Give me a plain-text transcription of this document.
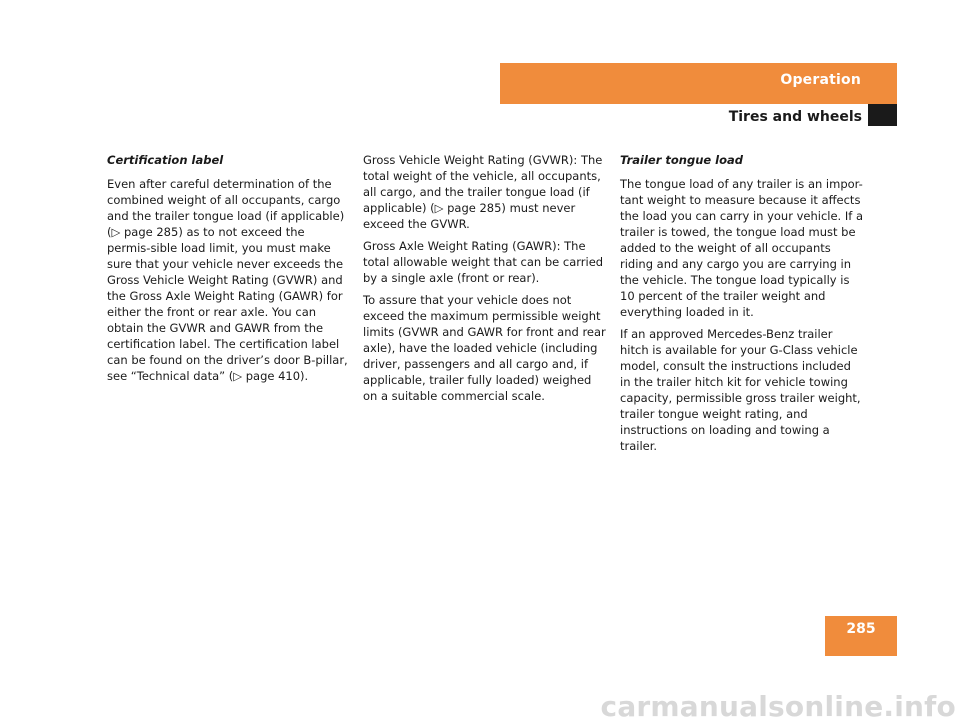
Operation
Tires and wheels
Certification label

Even after careful determination of the combined weight of all occupants, cargo and the trailer tongue load (if applicable) (▷ page 285) as to not exceed the permis-sible load limit, you must make sure that your vehicle never exceeds the Gross Vehicle Weight Rating (GVWR) and the Gross Axle Weight Rating (GAWR) for either the front or rear axle. You can obtain the GVWR and GAWR from the certification label. The certification label can be found on the driver’s door B-pillar, see “Technical data” (▷ page 410).

Gross Vehicle Weight Rating (GVWR): The total weight of the vehicle, all occupants, all cargo, and the trailer tongue load (if applicable) (▷ page 285) must never exceed the GVWR.

Gross Axle Weight Rating (GAWR): The total allowable weight that can be carried by a single axle (front or rear).

To assure that your vehicle does not exceed the maximum permissible weight limits (GVWR and GAWR for front and rear axle), have the loaded vehicle (including driver, passengers and all cargo and, if applicable, trailer fully loaded) weighed on a suitable commercial scale.

Trailer tongue load

The tongue load of any trailer is an impor-tant weight to measure because it affects the load you can carry in your vehicle. If a trailer is towed, the tongue load must be added to the weight of all occupants riding and any cargo you are carrying in the vehicle. The tongue load typically is 10 percent of the trailer weight and everything loaded in it.

If an approved Mercedes-Benz trailer hitch is available for your G-Class vehicle model, consult the instructions included in the trailer hitch kit for vehicle towing capacity, permissible gross trailer weight, trailer tongue weight rating, and instructions on loading and towing a trailer.

285
carmanualsonline.info
